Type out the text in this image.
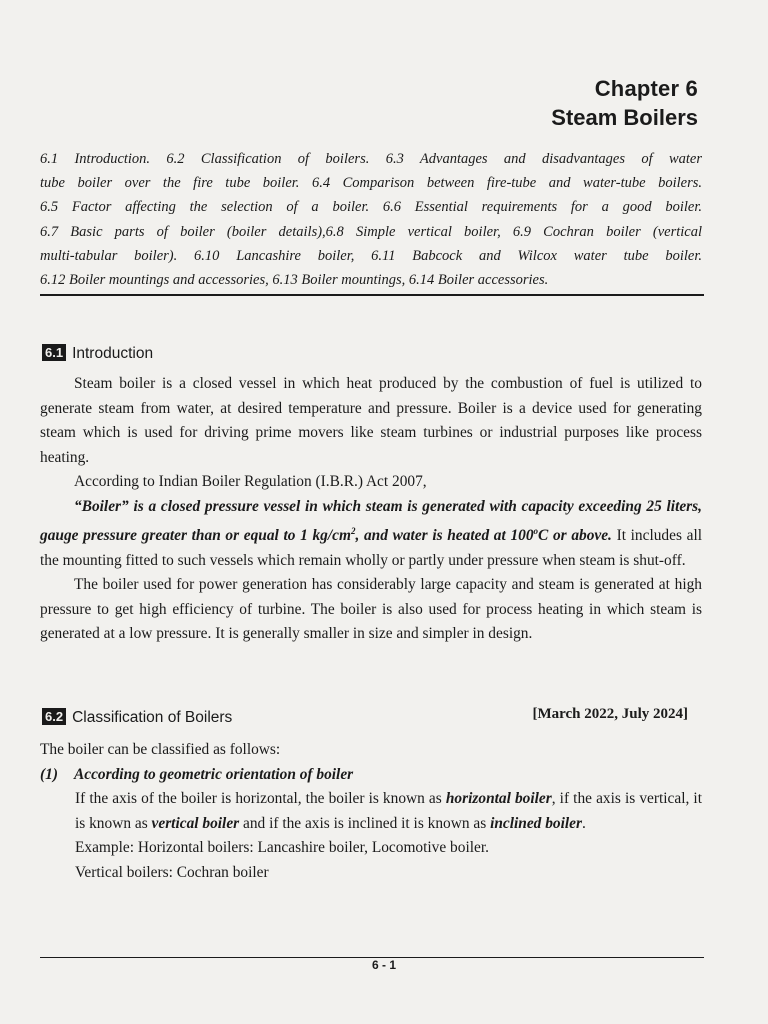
Chapter 6
Steam Boilers
6.1 Introduction. 6.2 Classification of boilers. 6.3 Advantages and disadvantages of water
tube boiler over the fire tube boiler. 6.4 Comparison between fire-tube and water-tube boilers.
6.5 Factor affecting the selection of a boiler. 6.6 Essential requirements for a good boiler.
6.7 Basic parts of boiler (boiler details),6.8 Simple vertical boiler, 6.9 Cochran boiler (vertical
multi-tabular boiler). 6.10 Lancashire boiler, 6.11 Babcock and Wilcox water tube boiler.
6.12 Boiler mountings and accessories, 6.13 Boiler mountings, 6.14 Boiler accessories.
6.1 Introduction

Steam boiler is a closed vessel in which heat produced by the combustion of fuel is utilized to generate steam from water, at desired temperature and pressure. Boiler is a device used for generating steam which is used for driving prime movers like steam turbines or industrial purposes like process heating.

According to Indian Boiler Regulation (I.B.R.) Act 2007,

“Boiler” is a closed pressure vessel in which steam is generated with capacity exceeding 25 liters, gauge pressure greater than or equal to 1 $kg/cm^2$, and water is heated at 100$^o$C or above. It includes all the mounting fitted to such vessels which remain wholly or partly under pressure when steam is shut-off.

The boiler used for power generation has considerably large capacity and steam is generated at high pressure to get high efficiency of turbine. The boiler is also used for process heating in which steam is generated at a low pressure. It is generally smaller in size and simpler in design.

6.2 Classification of Boilers	[March 2022, July 2024]

The boiler can be classified as follows:

(1) According to geometric orientation of boiler

If the axis of the boiler is horizontal, the boiler is known as horizontal boiler, if the axis is vertical, it is known as vertical boiler and if the axis is inclined it is known as inclined boiler.

Example: Horizontal boilers: Lancashire boiler, Locomotive boiler.

Vertical boilers: Cochran boiler

6 - 1
